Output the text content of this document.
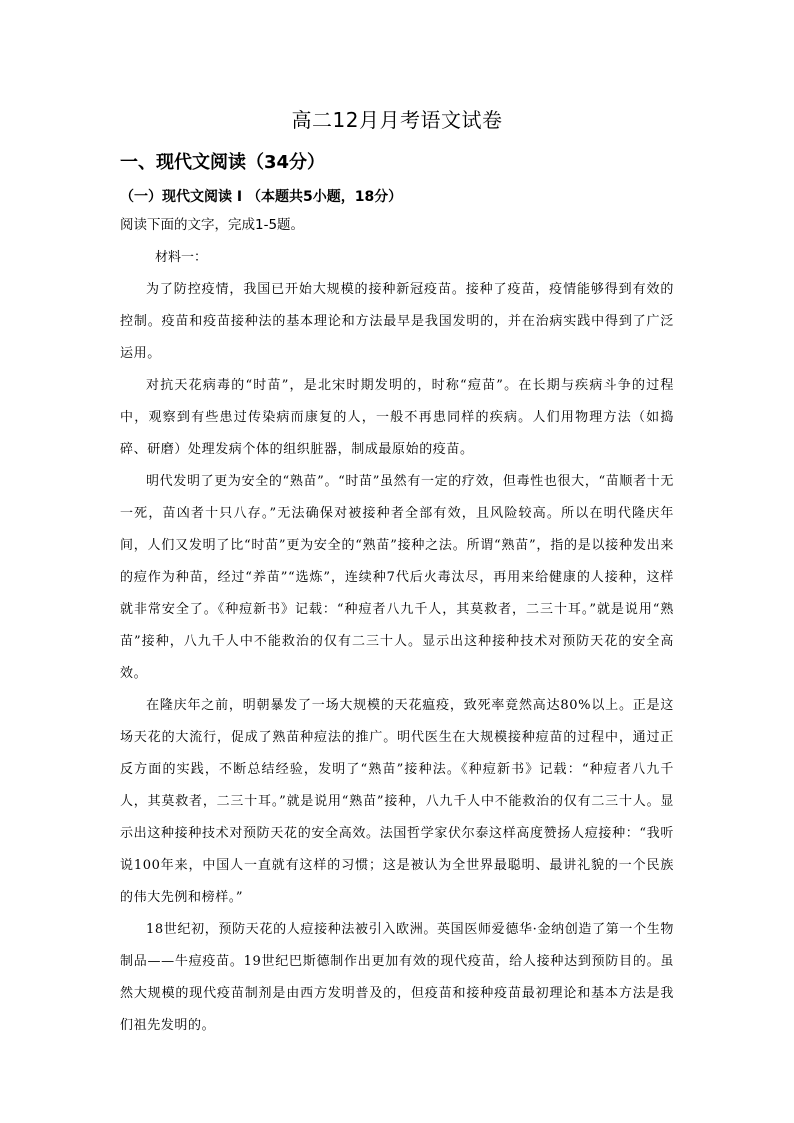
高二12月月考语文试卷
一、现代文阅读（34分）
（一）现代文阅读 I （本题共5小题，18分）
阅读下面的文字，完成1-5题。
材料一：

为了防控疫情，我国已开始大规模的接种新冠疫苗。接种了疫苗，疫情能够得到有效的控制。疫苗和疫苗接种法的基本理论和方法最早是我国发明的，并在治病实践中得到了广泛运用。

对抗天花病毒的“时苗”，是北宋时期发明的，时称“痘苗”。在长期与疾病斗争的过程中，观察到有些患过传染病而康复的人，一般不再患同样的疾病。人们用物理方法（如捣碎、研磨）处理发病个体的组织脏器，制成最原始的疫苗。

明代发明了更为安全的“熟苗”。“时苗”虽然有一定的疗效，但毒性也很大，“苗顺者十无一死，苗凶者十只八存。”无法确保对被接种者全部有效，且风险较高。所以在明代隆庆年间，人们又发明了比“时苗”更为安全的“熟苗”接种之法。所谓“熟苗”，指的是以接种发出来的痘作为种苗，经过“养苗”“选炼”，连续种7代后火毒汰尽，再用来给健康的人接种，这样就非常安全了。《种痘新书》记载：“种痘者八九千人，其莫救者，二三十耳。”就是说用“熟苗”接种，八九千人中不能救治的仅有二三十人。显示出这种接种技术对预防天花的安全高效。

在隆庆年之前，明朝暴发了一场大规模的天花瘟疫，致死率竟然高达80%以上。正是这场天花的大流行，促成了熟苗种痘法的推广。明代医生在大规模接种痘苗的过程中，通过正反方面的实践，不断总结经验，发明了“熟苗”接种法。《种痘新书》记载：“种痘者八九千人，其莫救者，二三十耳。”就是说用“熟苗”接种，八九千人中不能救治的仅有二三十人。显示出这种接种技术对预防天花的安全高效。法国哲学家伏尔泰这样高度赞扬人痘接种：“我听说100年来，中国人一直就有这样的习惯；这是被认为全世界最聪明、最讲礼貌的一个民族的伟大先例和榜样。”

18世纪初，预防天花的人痘接种法被引入欧洲。英国医师爱德华·金纳创造了第一个生物制品——牛痘疫苗。19世纪巴斯德制作出更加有效的现代疫苗，给人接种达到预防目的。虽然大规模的现代疫苗制剂是由西方发明普及的，但疫苗和接种疫苗最初理论和基本方法是我们祖先发明的。
